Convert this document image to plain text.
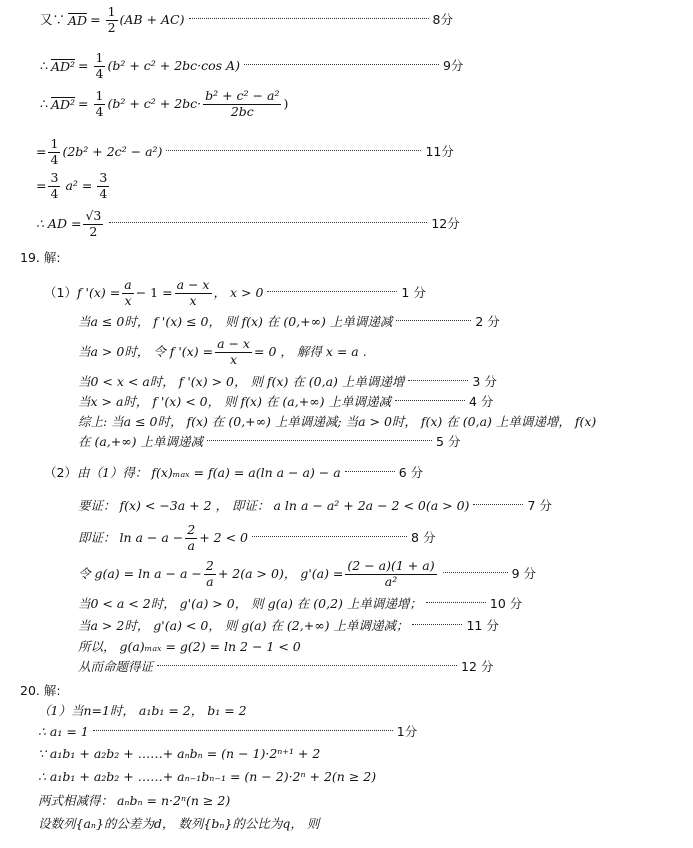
又∵ AD = $\frac{1}{2} (AB + AC)$	8分
∴ $AD^2 = \frac{1}{4} (b^2 + c^2 + 2bc\cdot\cos$ A)	9分
∴ $AD^2 = \frac{1}{4} (b^2 + c^2 + 2bc\cdot \frac{\text{b² + c² − a²}}{2bc}$ )
= $\frac{1}{4} (2b^2 + 2c^2 - a^2)$	11分
= $\frac{3}{4} a^2 = \frac{3}{4}$
∴ AD = $\frac{√3}{2}$	12分
19. 解:
（1） f '$(x) = \frac{a}{x} - 1 = \frac{a - x}{x}$ ， x > 0	1 分
当a ≤ 0时， f '(x) ≤ 0， 则 f(x) 在 (0,+∞) 上单调递减	2 分
当a > 0时， 令 f '$(x) = \frac{a - x}{x} = 0$ ， 解得 x = a .
当0 < x < a时， f '(x) > 0， 则 f(x) 在 (0,a) 上单调递增	3 分
当x > a时， f '(x) < 0， 则 f(x) 在 (a,+∞) 上单调递减	4 分
综上: 当a ≤ 0时， f(x) 在 (0,+∞) 上单调递减; 当a > 0时， f(x) 在 (0,a) 上单调递增， f(x)
在 (a,+∞) 上单调递减	5 分
（2） 由（1）得： f(x)ₘₐₓ = f(a) = a(ln a − a) − a	6 分
要证： f(x) < −3a + 2 ， 即证： a ln a − a² + 2a − 2 < 0(a > 0)	7 分
即证： $\ln a - a - \frac{2}{a} + 2 < 0$	8 分
令 $g(a) = \ln a - a - \frac{2}{a} + 2(a > 0)$， $g'(a) = \frac{(2 - a)(1 + a)}{\text{a²}}$	9 分
当0 < a < 2时， g'(a) > 0， 则 g(a) 在 (0,2) 上单调递增；	10 分
当a > 2时， g'(a) < 0， 则 g(a) 在 (2,+∞) 上单调递减；	11 分
所以， g(a)ₘₐₓ = g(2) = ln 2 − 1 < 0
从而命题得证	12 分
20. 解:
（1）当n=1时， a₁b₁ = 2， b₁ = 2
∴ a₁ = 1	1分
∵ a₁b₁ + a₂b₂ + ……+ aₙbₙ = (n − 1)·2ⁿ⁺¹ + 2
∴ a₁b₁ + a₂b₂ + ……+ aₙ₋₁bₙ₋₁ = (n − 2)·2ⁿ + 2(n ≥ 2)
两式相减得： aₙbₙ = n·2ⁿ(n ≥ 2)
设数列{aₙ}的公差为d， 数列{bₙ}的公比为q， 则
